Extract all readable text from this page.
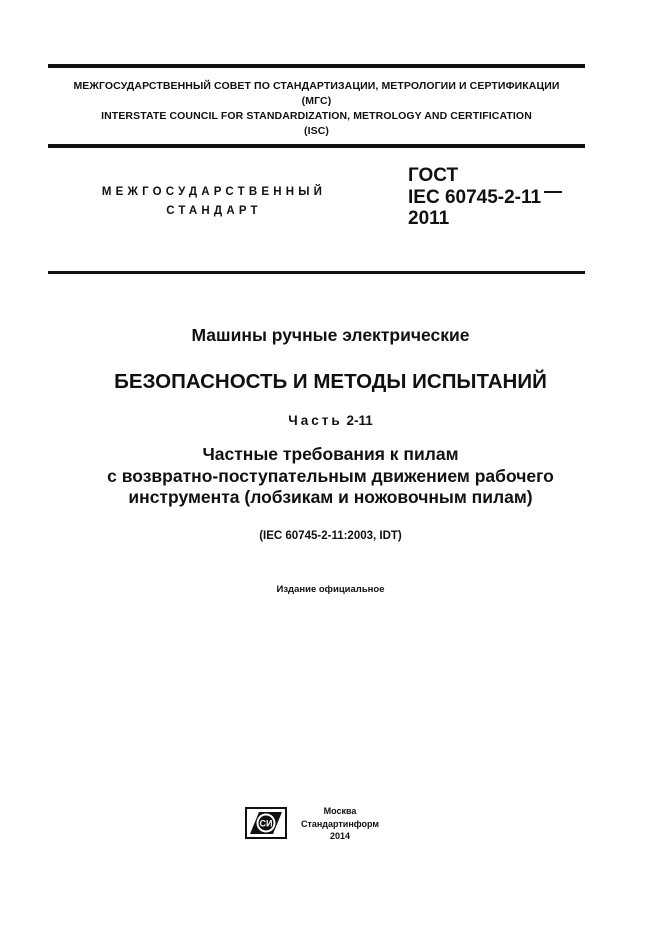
МЕЖГОСУДАРСТВЕННЫЙ СОВЕТ ПО СТАНДАРТИЗАЦИИ, МЕТРОЛОГИИ И СЕРТИФИКАЦИИ
(МГС)
INTERSTATE COUNCIL FOR STANDARDIZATION, METROLOGY AND CERTIFICATION
(ISC)
МЕЖГОСУДАРСТВЕННЫЙ
СТАНДАРТ
ГОСТ
IEC 60745-2-11
2011
Машины ручные электрические
БЕЗОПАСНОСТЬ И МЕТОДЫ ИСПЫТАНИЙ
Часть 2-11
Частные требования к пилам
с возвратно-поступательным движением рабочего
инструмента (лобзикам и ножовочным пилам)
(IEC 60745-2-11:2003, IDT)
Издание официальное
СИ
Москва
Стандартинформ
2014
